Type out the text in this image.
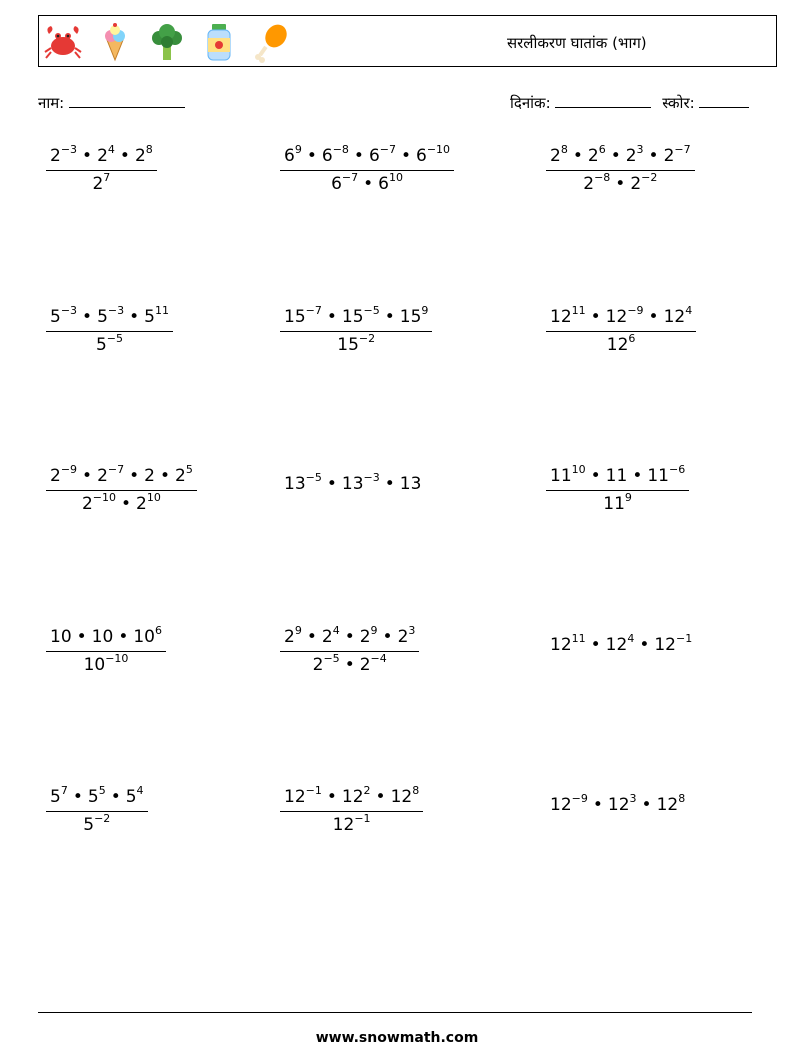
सरलीकरण घातांक (भाग)
नाम:	दिनांक:	स्कोर:
$\frac{2^{-3} • 2^4 • 2^8}{2^7}$	$\frac{6^9 • 6^{-8} • 6^{-7} • 6^{-10}}{6^{-7} • 6^{10}}$	$\frac{2^8 • 2^6 • 2^3 • 2^{-7}}{2^{-8} • 2^{-2}}$
$\frac{5^{-3} • 5^{-3} • 5^{11}}{5^{-5}}$	$\frac{15^{-7} • 15^{-5} • 15^9}{15^{-2}}$	$\frac{12^{11} • 12^{-9} • 12^4}{12^6}$
$\frac{2^{-9} • 2^{-7} • 2 • 2^5}{2^{-10} • 2^{10}}$	$13^{-5}$ • $13^{-3}$ • 13	$\frac{11^{10} • 11 • 11^{-6}}{11^9}$
$\frac{10 • 10 • 10^6}{10^{-10}}$	$\frac{2^9 • 2^4 • 2^9 • 2^3}{2^{-5} • 2^{-4}}$	$12^{11}$ • $12^4$ • $12^{-1}$
$\frac{5^7 • 5^5 • 5^4}{5^{-2}}$	$\frac{12^{-1} • 12^2 • 12^8}{12^{-1}}$	$12^{-9}$ • $12^3$ • $12^8$
www.snowmath.com
